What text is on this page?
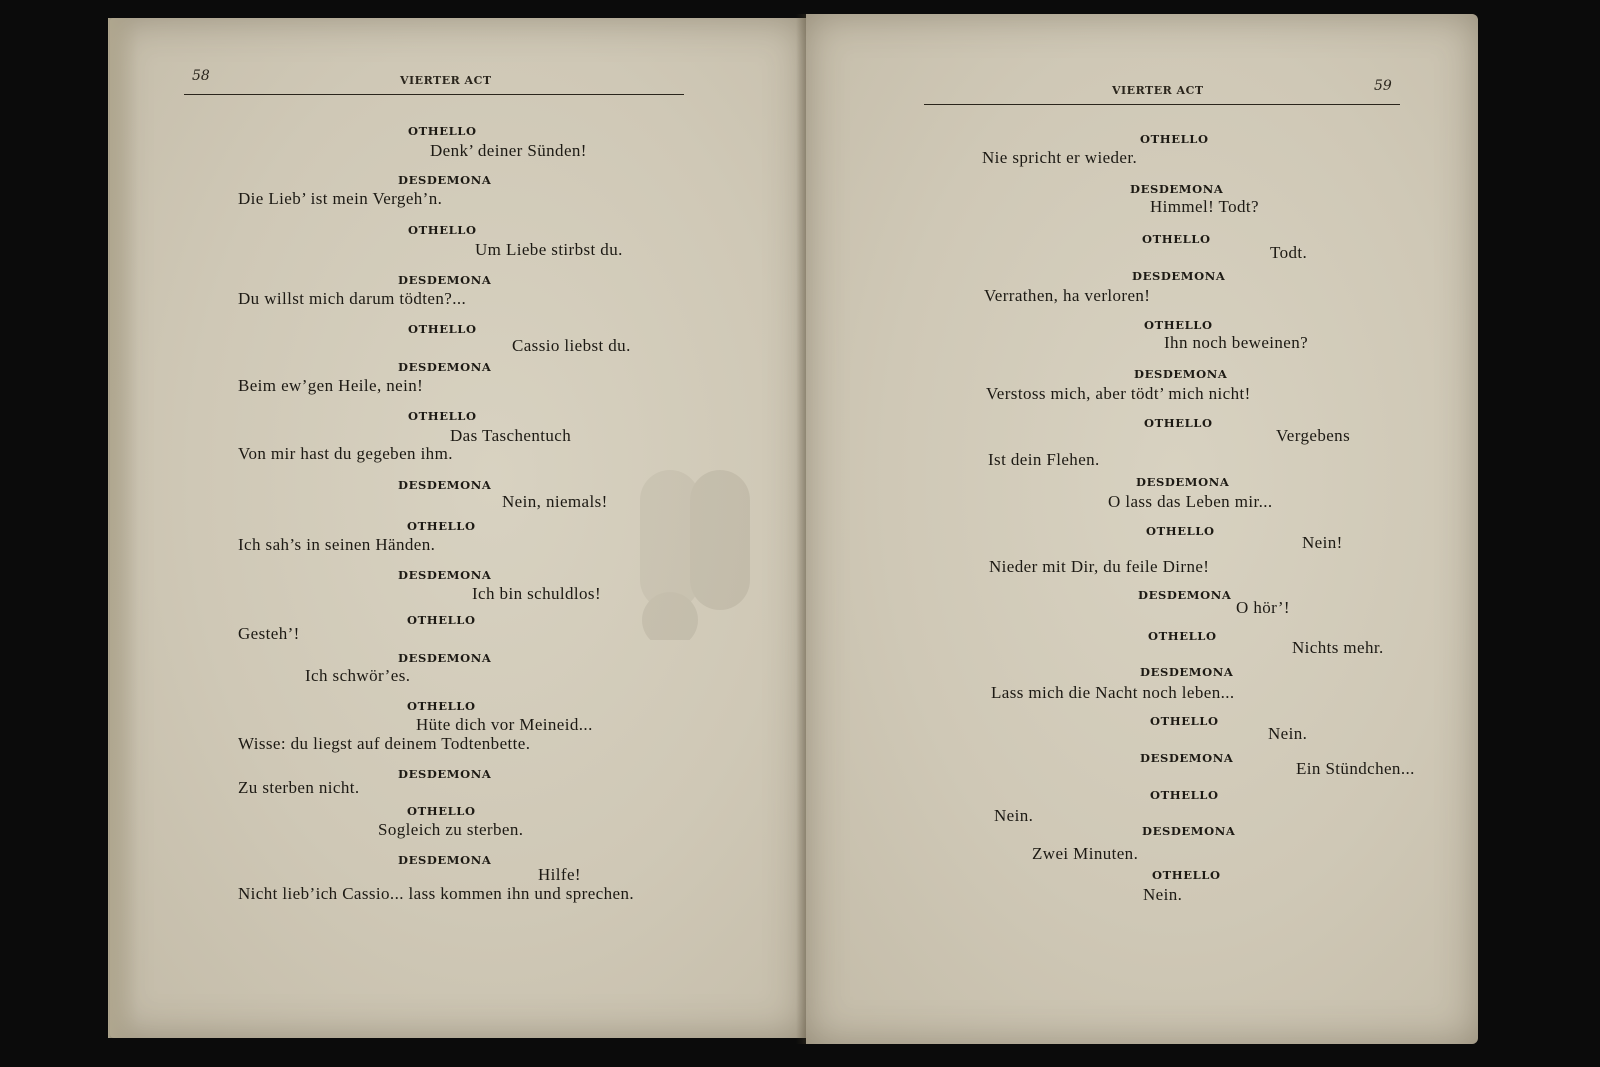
58	VIERTER ACT
OTHELLO
Denk’ deiner Sünden!
DESDEMONA
Die Lieb’ ist mein Vergeh’n.
OTHELLO
Um Liebe stirbst du.
DESDEMONA
Du willst mich darum tödten?...
OTHELLO
Cassio liebst du.
DESDEMONA
Beim ew’gen Heile, nein!
OTHELLO
Das Taschentuch
Von mir hast du gegeben ihm.
DESDEMONA
Nein, niemals!
OTHELLO
Ich sah’s in seinen Händen.
DESDEMONA
Ich bin schuldlos!
OTHELLO
Gesteh’!
DESDEMONA
Ich schwör’es.
OTHELLO
Hüte dich vor Meineid...
Wisse: du liegst auf deinem Todtenbette.
DESDEMONA
Zu sterben nicht.
OTHELLO
Sogleich zu sterben.
DESDEMONA
Hilfe!
Nicht lieb’ich Cassio... lass kommen ihn und sprechen.
VIERTER ACT	59
OTHELLO
Nie spricht er wieder.
DESDEMONA
Himmel! Todt?
OTHELLO
Todt.
DESDEMONA
Verrathen, ha verloren!
OTHELLO
Ihn noch beweinen?
DESDEMONA
Verstoss mich, aber tödt’ mich nicht!
OTHELLO
Vergebens
Ist dein Flehen.
DESDEMONA
O lass das Leben mir...
OTHELLO
Nein!
Nieder mit Dir, du feile Dirne!
DESDEMONA
O hör’!
OTHELLO
Nichts mehr.
DESDEMONA
Lass mich die Nacht noch leben...
OTHELLO
Nein.
DESDEMONA
Ein Stündchen...
OTHELLO
Nein.
DESDEMONA
Zwei Minuten.
OTHELLO
Nein.
